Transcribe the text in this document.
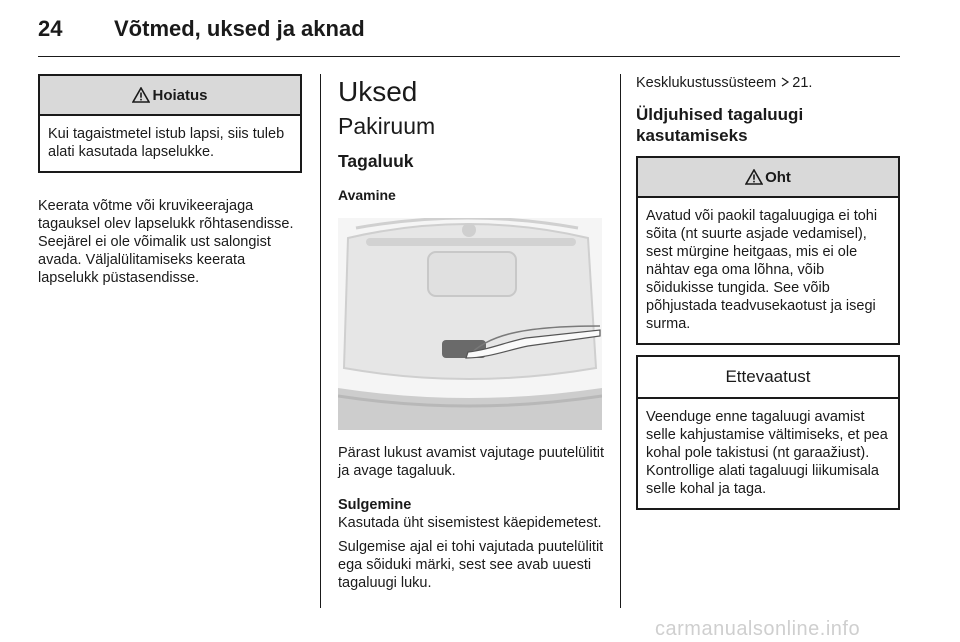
24 Võtmed, uksed ja aknad
Hoiatus
Kui tagaistmetel istub lapsi, siis tuleb alati kasutada lapselukke.

Keerata võtme või kruvikeerajaga tagauksel olev lapselukk rõhtasendisse. Seejärel ei ole võimalik ust salongist avada. Väljalülitamiseks keerata lapselukk püstasendisse.

Uksed
Pakiruum
Tagaluuk
Avamine

Pärast lukust avamist vajutage puutelülitit ja avage tagaluuk.

Sulgemine

Kasutada üht sisemistest käepidemetest.

Sulgemise ajal ei tohi vajutada puutelülitit ega sõiduki märki, sest see avab uuesti tagaluugi luku.

Kesklukustussüsteem 21.

Üldjuhised tagaluugi kasutamiseks
Oht
Avatud või paokil tagaluugiga ei tohi sõita (nt suurte asjade vedamisel), sest mürgine heitgaas, mis ei ole nähtav ega oma lõhna, võib sõidukisse tungida. See võib põhjustada teadvusekaotust ja isegi surma.
Ettevaatust
Veenduge enne tagaluugi avamist selle kahjustamise vältimiseks, et pea kohal pole takistusi (nt garaažiust). Kontrollige alati tagaluugi liikumisala selle kohal ja taga.
carmanualsonline.info
